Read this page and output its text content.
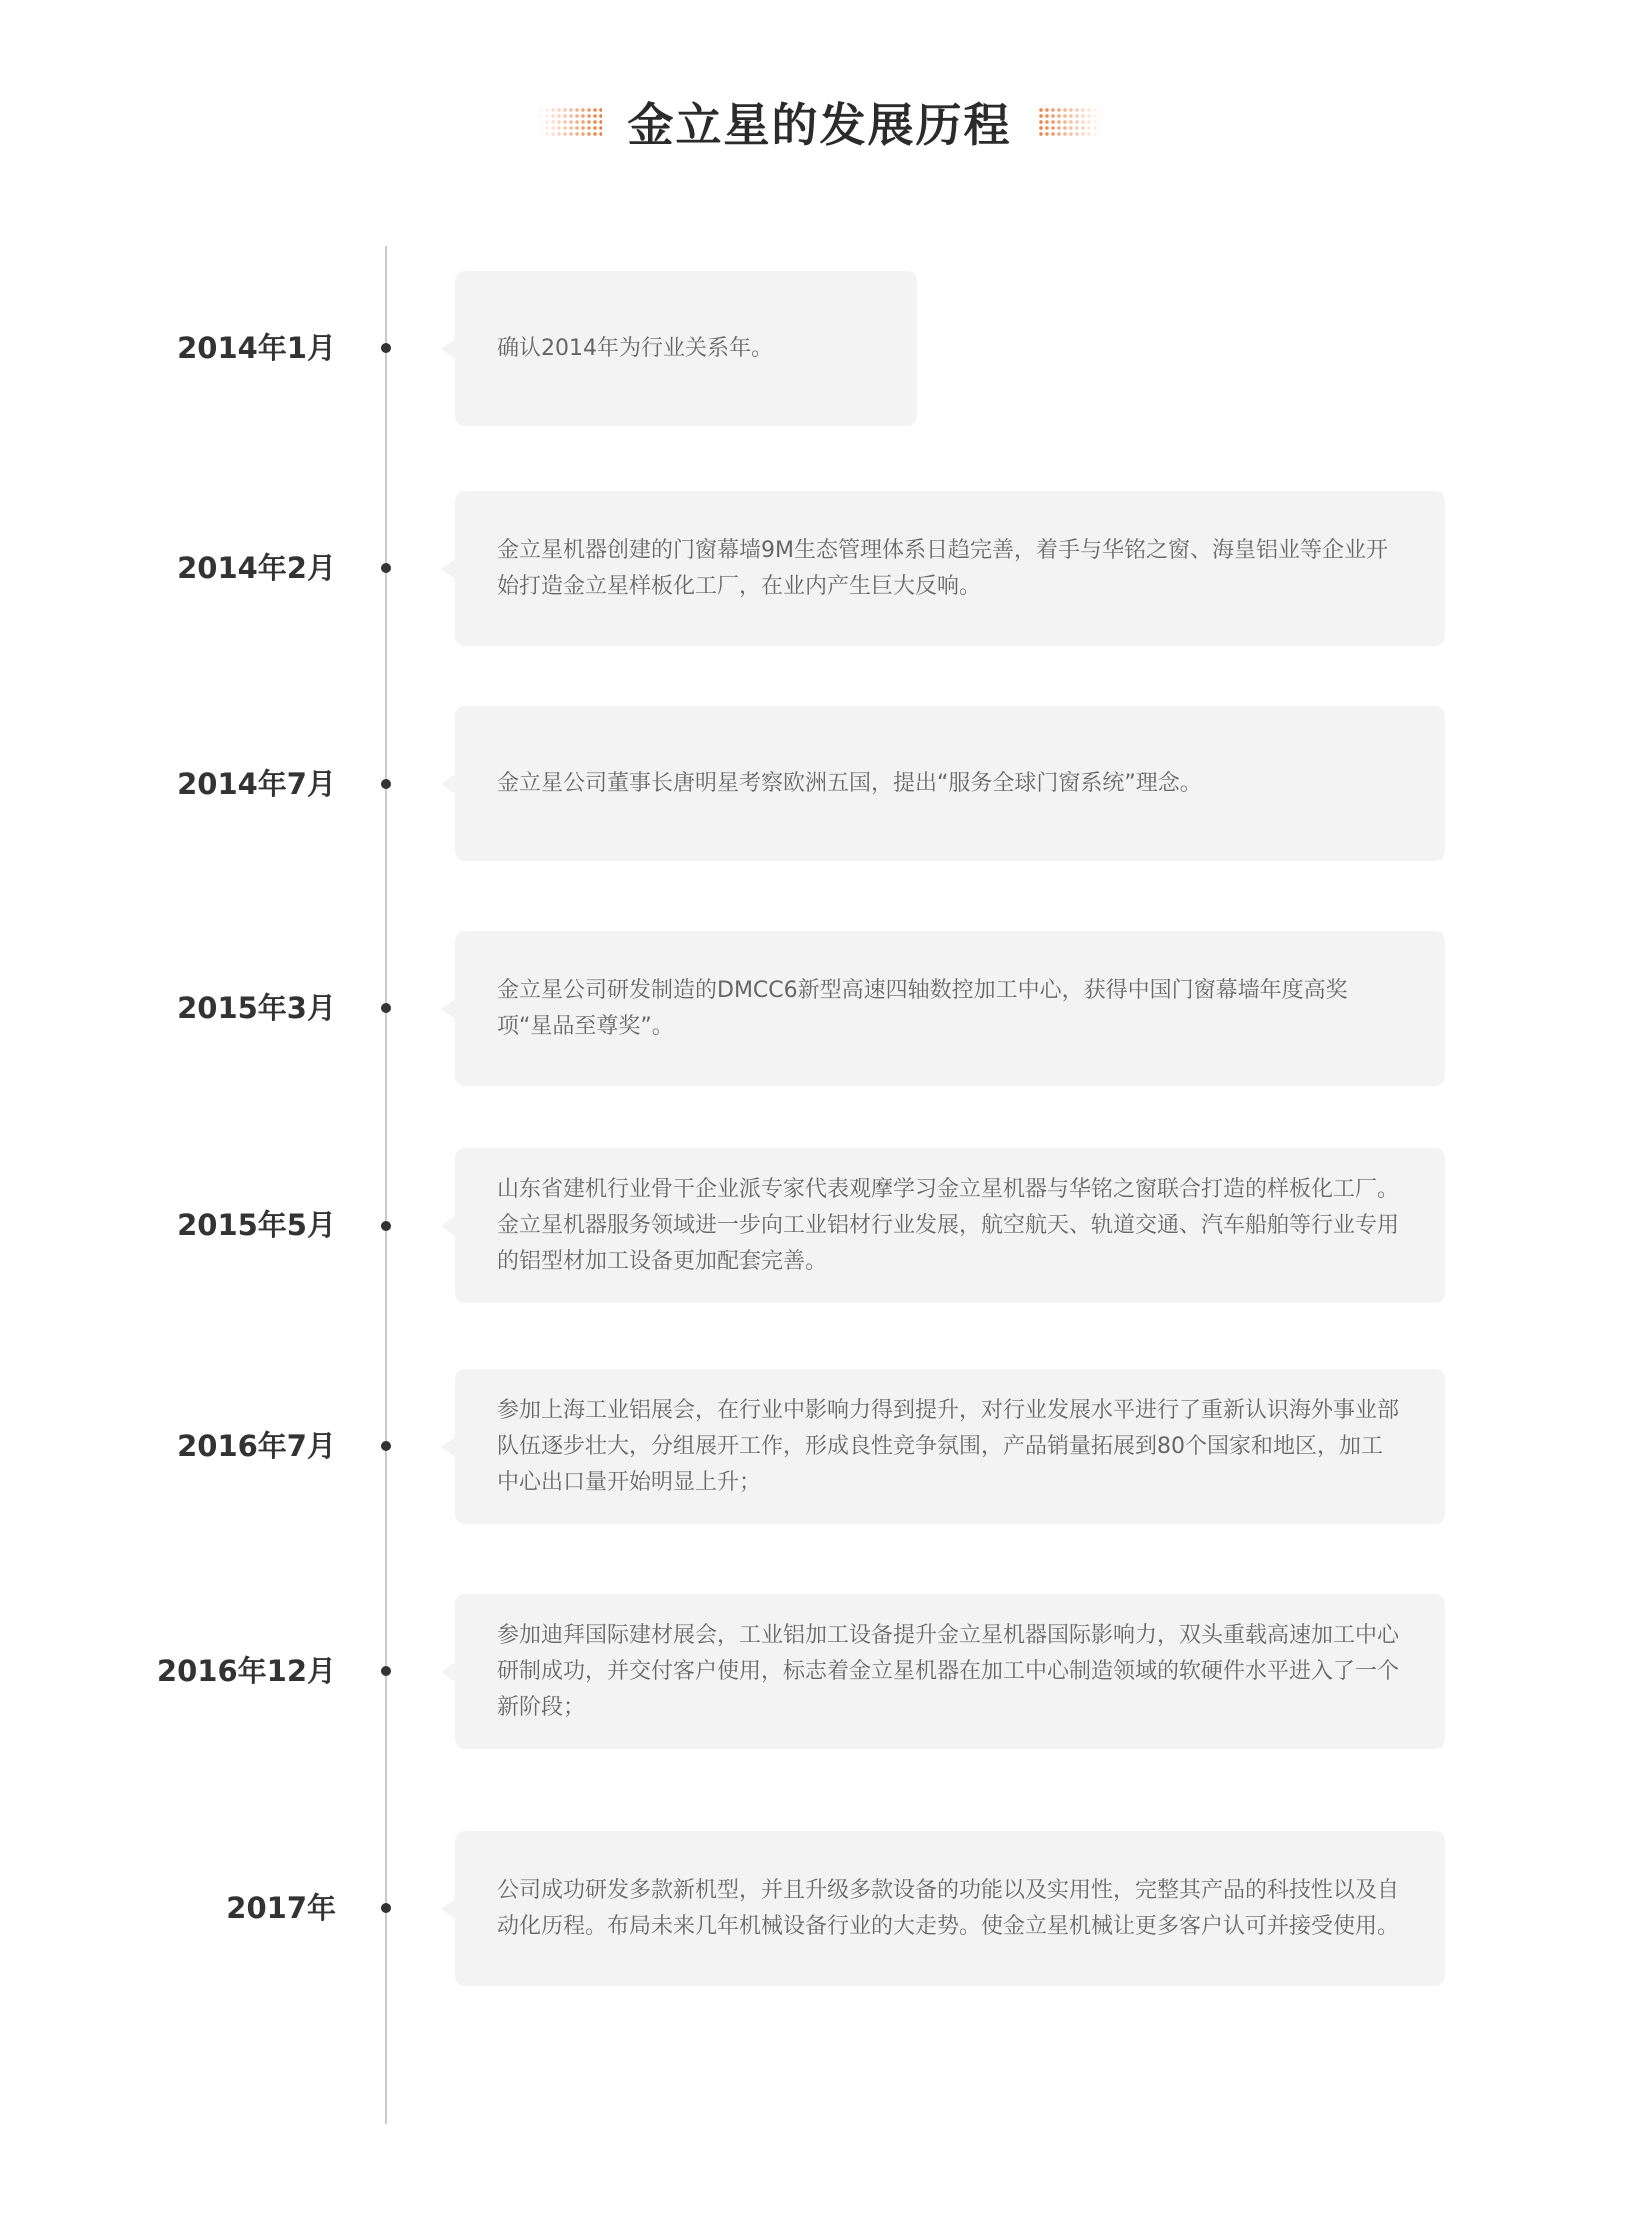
金立星的发展历程
2014年1月	确认2014年为行业关系年。
2014年2月
金立星机器创建的门窗幕墙9M生态管理体系日趋完善，着手与华铭之窗、海皇铝业等企业开始打造金立星样板化工厂，在业内产生巨大反响。
2014年7月	金立星公司董事长唐明星考察欧洲五国，提出“服务全球门窗系统”理念。
2015年3月
金立星公司研发制造的DMCC6新型高速四轴数控加工中心，获得中国门窗幕墙年度高奖项“星品至尊奖”。
2015年5月
山东省建机行业骨干企业派专家代表观摩学习金立星机器与华铭之窗联合打造的样板化工厂。金立星机器服务领域进一步向工业铝材行业发展，航空航天、轨道交通、汽车船舶等行业专用的铝型材加工设备更加配套完善。
2016年7月
参加上海工业铝展会，在行业中影响力得到提升，对行业发展水平进行了重新认识海外事业部队伍逐步壮大，分组展开工作，形成良性竞争氛围，产品销量拓展到80个国家和地区，加工中心出口量开始明显上升；
2016年12月
参加迪拜国际建材展会，工业铝加工设备提升金立星机器国际影响力，双头重载高速加工中心研制成功，并交付客户使用，标志着金立星机器在加工中心制造领域的软硬件水平进入了一个新阶段；
2017年
公司成功研发多款新机型，并且升级多款设备的功能以及实用性，完整其产品的科技性以及自动化历程。布局未来几年机械设备行业的大走势。使金立星机械让更多客户认可并接受使用。
